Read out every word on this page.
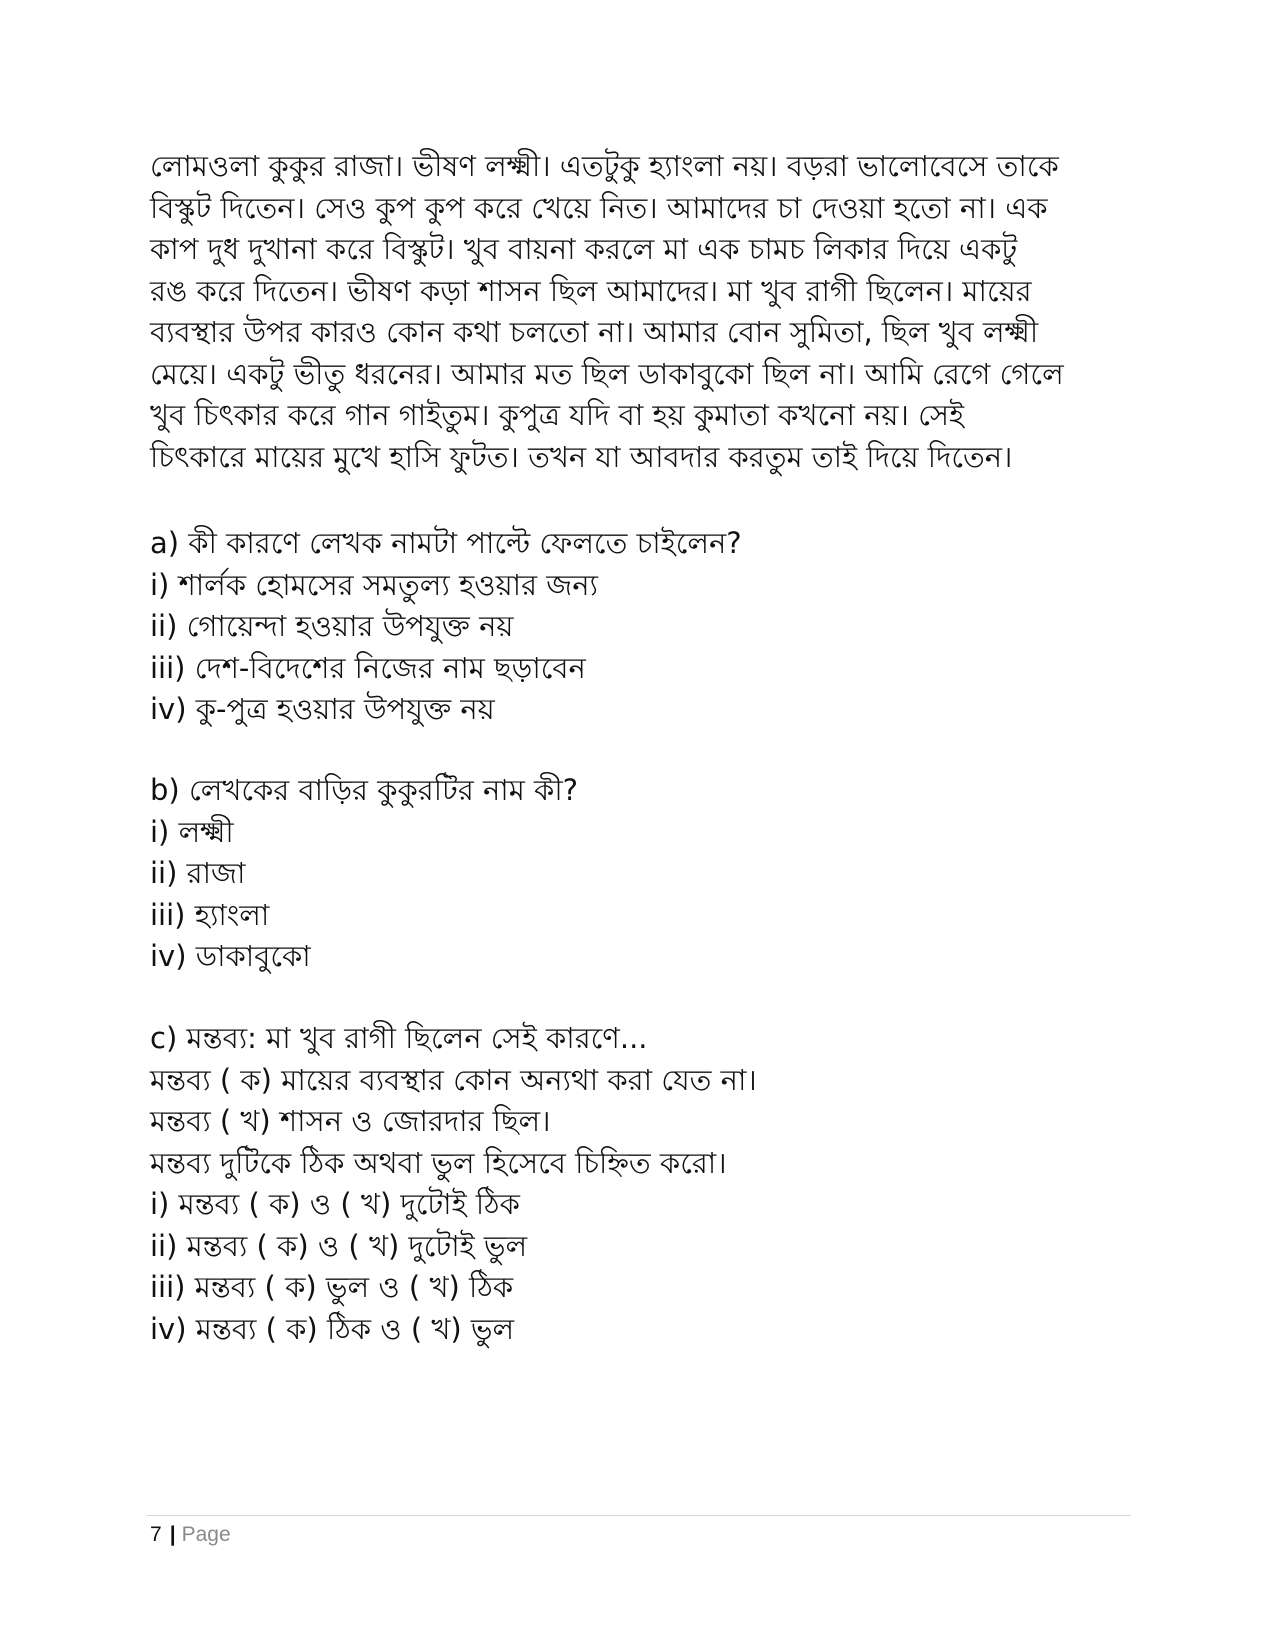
লোমওলা কুকুর রাজা। ভীষণ লক্ষ্মী। এতটুকু হ্যাংলা নয়। বড়রা ভালোবেসে তাকে
বিস্কুট দিতেন। সেও কুপ কুপ করে খেয়ে নিত। আমাদের চা দেওয়া হতো না। এক
কাপ দুধ দুখানা করে বিস্কুট। খুব বায়না করলে মা এক চামচ লিকার দিয়ে একটু
রঙ করে দিতেন। ভীষণ কড়া শাসন ছিল আমাদের। মা খুব রাগী ছিলেন। মায়ের
ব্যবস্থার উপর কারও কোন কথা চলতো না। আমার বোন সুমিতা, ছিল খুব লক্ষ্মী
মেয়ে। একটু ভীতু ধরনের। আমার মত ছিল ডাকাবুকো ছিল না। আমি রেগে গেলে
খুব চিৎকার করে গান গাইতুম। কুপুত্র যদি বা হয় কুমাতা কখনো নয়। সেই
চিৎকারে মায়ের মুখে হাসি ফুটত। তখন যা আবদার করতুম তাই দিয়ে দিতেন।
a) কী কারণে লেখক নামটা পাল্টে ফেলতে চাইলেন?
i) শার্লক হোমসের সমতুল্য হওয়ার জন্য
ii) গোয়েন্দা হওয়ার উপযুক্ত নয়
iii) দেশ-বিদেশের নিজের নাম ছড়াবেন
iv) কু-পুত্র হওয়ার উপযুক্ত নয়
b) লেখকের বাড়ির কুকুরটির নাম কী?
i) লক্ষ্মী
ii) রাজা
iii) হ্যাংলা
iv) ডাকাবুকো
c) মন্তব্য: মা খুব রাগী ছিলেন সেই কারণে...
মন্তব্য ( ক) মায়ের ব্যবস্থার কোন অন্যথা করা যেত না।
মন্তব্য ( খ) শাসন ও জোরদার ছিল।
মন্তব্য দুটিকে ঠিক অথবা ভুল হিসেবে চিহ্নিত করো।
i) মন্তব্য ( ক) ও ( খ) দুটোই ঠিক
ii) মন্তব্য ( ক) ও ( খ) দুটোই ভুল
iii) মন্তব্য ( ক) ভুল ও ( খ) ঠিক
iv) মন্তব্য ( ক) ঠিক ও ( খ) ভুল
7 | Page
